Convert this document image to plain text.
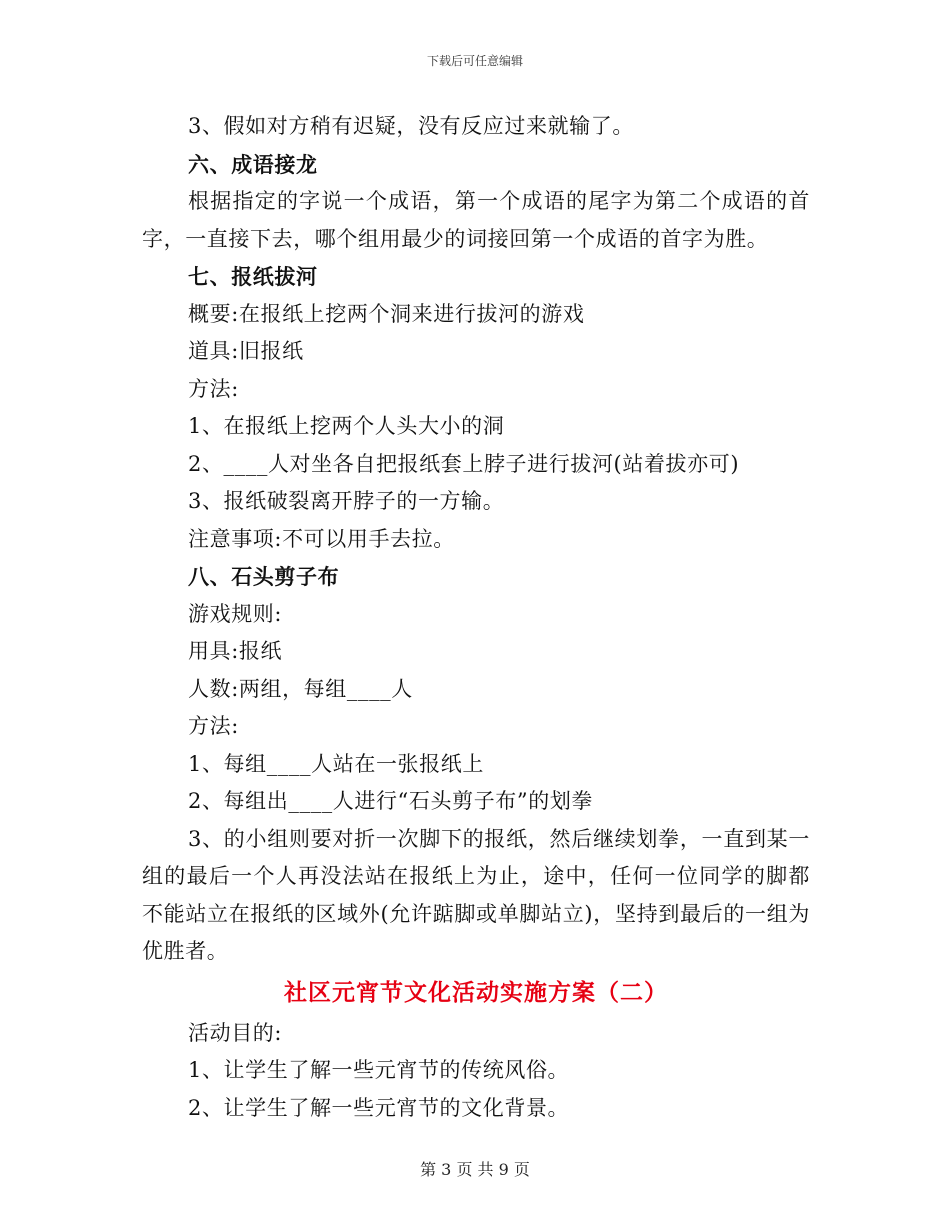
下载后可任意编辑
3、假如对方稍有迟疑，没有反应过来就输了。
六、成语接龙
根据指定的字说一个成语，第一个成语的尾字为第二个成语的首字，一直接下去，哪个组用最少的词接回第一个成语的首字为胜。
七、报纸拔河
概要:在报纸上挖两个洞来进行拔河的游戏
道具:旧报纸
方法:
1、在报纸上挖两个人头大小的洞
2、____人对坐各自把报纸套上脖子进行拔河(站着拔亦可)
3、报纸破裂离开脖子的一方输。
注意事项:不可以用手去拉。
八、石头剪子布
游戏规则:
用具:报纸
人数:两组，每组____人
方法:
1、每组____人站在一张报纸上
2、每组出____人进行“石头剪子布”的划拳
3、的小组则要对折一次脚下的报纸，然后继续划拳，一直到某一组的最后一个人再没法站在报纸上为止，途中，任何一位同学的脚都不能站立在报纸的区域外(允许踮脚或单脚站立)，坚持到最后的一组为优胜者。
社区元宵节文化活动实施方案（二）
活动目的:
1、让学生了解一些元宵节的传统风俗。
2、让学生了解一些元宵节的文化背景。
第 3 页 共 9 页
